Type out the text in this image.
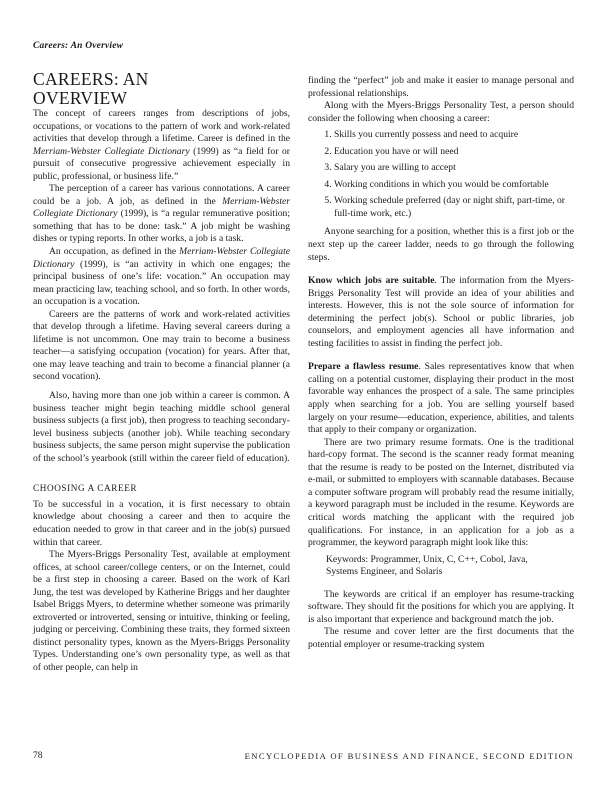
Careers: An Overview
CAREERS: AN
OVERVIEW

The concept of careers ranges from descriptions of jobs, occupations, or vocations to the pattern of work and work-related activities that develop through a lifetime. Career is defined in the Merriam-Webster Collegiate Dictionary (1999) as “a field for or pursuit of consecutive progressive achievement especially in public, professional, or business life.”

The perception of a career has various connotations. A career could be a job. A job, as defined in the Merriam-Webster Collegiate Dictionary (1999), is “a regular remunerative position; something that has to be done: task.” A job might be washing dishes or typing reports. In other works, a job is a task.

An occupation, as defined in the Merriam-Webster Collegiate Dictionary (1999), is “an activity in which one engages; the principal business of one’s life: vocation.” An occupation may mean practicing law, teaching school, and so forth. In other words, an occupation is a vocation.

Careers are the patterns of work and work-related activities that develop through a lifetime. Having several careers during a lifetime is not uncommon. One may train to become a business teacher—a satisfying occupation (vocation) for years. After that, one may leave teaching and train to become a financial planner (a second vocation).

Also, having more than one job within a career is common. A business teacher might begin teaching middle school general business subjects (a first job), then progress to teaching secondary-level business subjects (another job). While teaching secondary business subjects, the same person might supervise the publication of the school’s yearbook (still within the career field of education).

CHOOSING A CAREER

To be successful in a vocation, it is first necessary to obtain knowledge about choosing a career and then to acquire the education needed to grow in that career and in the job(s) pursued within that career.

The Myers-Briggs Personality Test, available at employment offices, at school career/college centers, or on the Internet, could be a first step in choosing a career. Based on the work of Karl Jung, the test was developed by Katherine Briggs and her daughter Isabel Briggs Myers, to determine whether someone was primarily extroverted or introverted, sensing or intuitive, thinking or feeling, judging or perceiving. Combining these traits, they formed sixteen distinct personality types, known as the Myers-Briggs Personality Types. Understanding one’s own personality type, as well as that of other people, can help in

finding the “perfect” job and make it easier to manage personal and professional relationships.

Along with the Myers-Briggs Personality Test, a person should consider the following when choosing a career:

1. Skills you currently possess and need to acquire
2. Education you have or will need
3. Salary you are willing to accept
4. Working conditions in which you would be comfortable
5. Working schedule preferred (day or night shift, part-time, or full-time work, etc.)

Anyone searching for a position, whether this is a first job or the next step up the career ladder, needs to go through the following steps.

Know which jobs are suitable. The information from the Myers-Briggs Personality Test will provide an idea of your abilities and interests. However, this is not the sole source of information for determining the perfect job(s). School or public libraries, job counselors, and employment agencies all have information and testing facilities to assist in finding the perfect job.

Prepare a flawless resume. Sales representatives know that when calling on a potential customer, displaying their product in the most favorable way enhances the prospect of a sale. The same principles apply when searching for a job. You are selling yourself based largely on your resume—education, experience, abilities, and talents that apply to their company or organization.

There are two primary resume formats. One is the traditional hard-copy format. The second is the scanner ready format meaning that the resume is ready to be posted on the Internet, distributed via e-mail, or submitted to employers with scannable databases. Because a computer software program will probably read the resume initially, a keyword paragraph must be included in the resume. Keywords are critical words matching the applicant with the required job qualifications. For instance, in an application for a job as a programmer, the keyword paragraph might look like this:

Keywords: Programmer, Unix, C, C++, Cobol, Java, Systems Engineer, and Solaris

The keywords are critical if an employer has resume-tracking software. They should fit the positions for which you are applying. It is also important that experience and background match the job.

The resume and cover letter are the first documents that the potential employer or resume-tracking system

78	ENCYCLOPEDIA OF BUSINESS AND FINANCE, SECOND EDITION
